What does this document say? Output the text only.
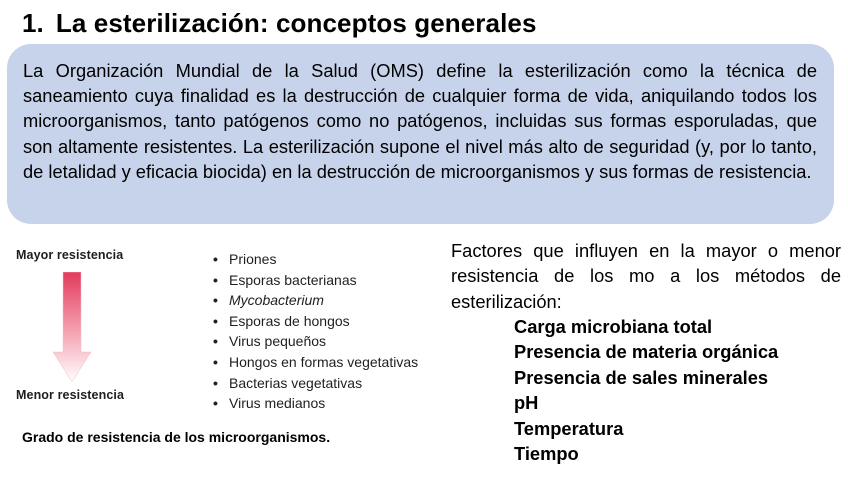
1. La esterilización: conceptos generales

La Organización Mundial de la Salud (OMS) define la esterilización como la técnica de saneamiento cuya finalidad es la destrucción de cualquier forma de vida, aniquilando todos los microorganismos, tanto patógenos como no patógenos, incluidas sus formas esporuladas, que son altamente resistentes. La esterilización supone el nivel más alto de seguridad (y, por lo tanto, de letalidad y eficacia biocida) en la destrucción de microorganismos y sus formas de resistencia.

Mayor resistencia
Menor resistencia
• Priones
• Esporas bacterianas
• Mycobacterium
• Esporas de hongos
• Virus pequeños
• Hongos en formas vegetativas
• Bacterias vegetativas
• Virus medianos
Grado de resistencia de los microorganismos.
Factores que influyen en la mayor o menor resistencia de los mo a los métodos de esterilización:
Carga microbiana total
Presencia de materia orgánica
Presencia de sales minerales
pH
Temperatura
Tiempo
